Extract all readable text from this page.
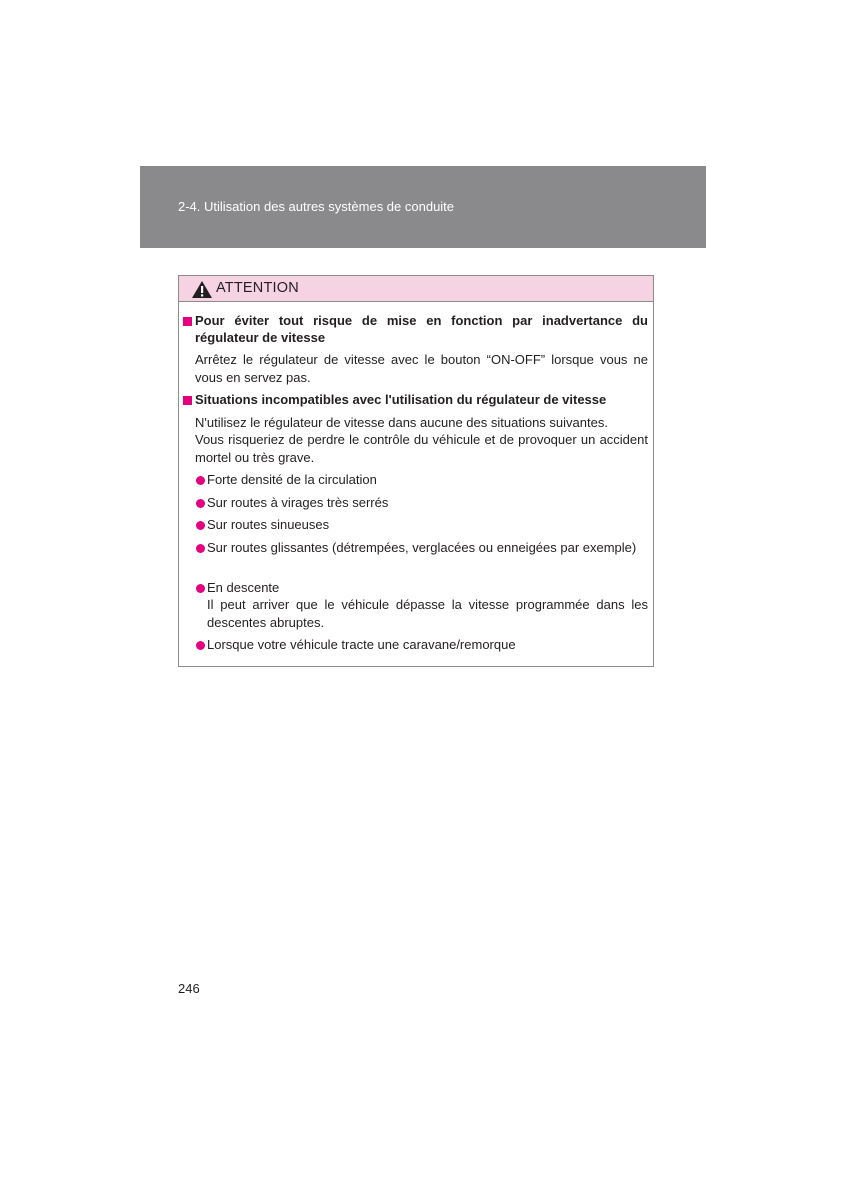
2-4. Utilisation des autres systèmes de conduite
ATTENTION
Pour éviter tout risque de mise en fonction par inadvertance du régulateur de vitesse
Arrêtez le régulateur de vitesse avec le bouton “ON-OFF” lorsque vous ne vous en servez pas.
Situations incompatibles avec l'utilisation du régulateur de vitesse
N'utilisez le régulateur de vitesse dans aucune des situations suivantes.
Vous risqueriez de perdre le contrôle du véhicule et de provoquer un accident mortel ou très grave.
Forte densité de la circulation
Sur routes à virages très serrés
Sur routes sinueuses
Sur routes glissantes (détrempées, verglacées ou enneigées par exemple)
En descente
Il peut arriver que le véhicule dépasse la vitesse programmée dans les descentes abruptes.
Lorsque votre véhicule tracte une caravane/remorque
246
